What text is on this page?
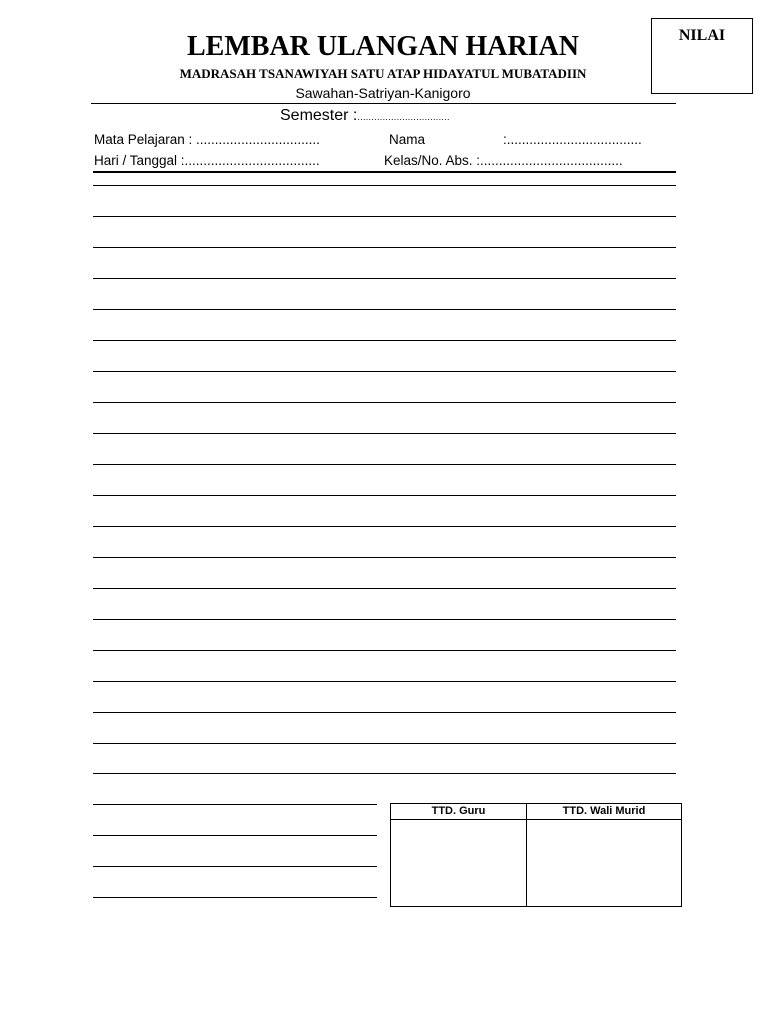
LEMBAR ULANGAN HARIAN
MADRASAH TSANAWIYAH SATU ATAP HIDAYATUL MUBATADIIN
Sawahan-Satriyan-Kanigoro
NILAI
Semester :.................................
Mata Pelajaran : .................................	Nama	:....................................
Hari / Tanggal :....................................	Kelas/No. Abs. :......................................
TTD. Guru	TTD. Wali Murid
